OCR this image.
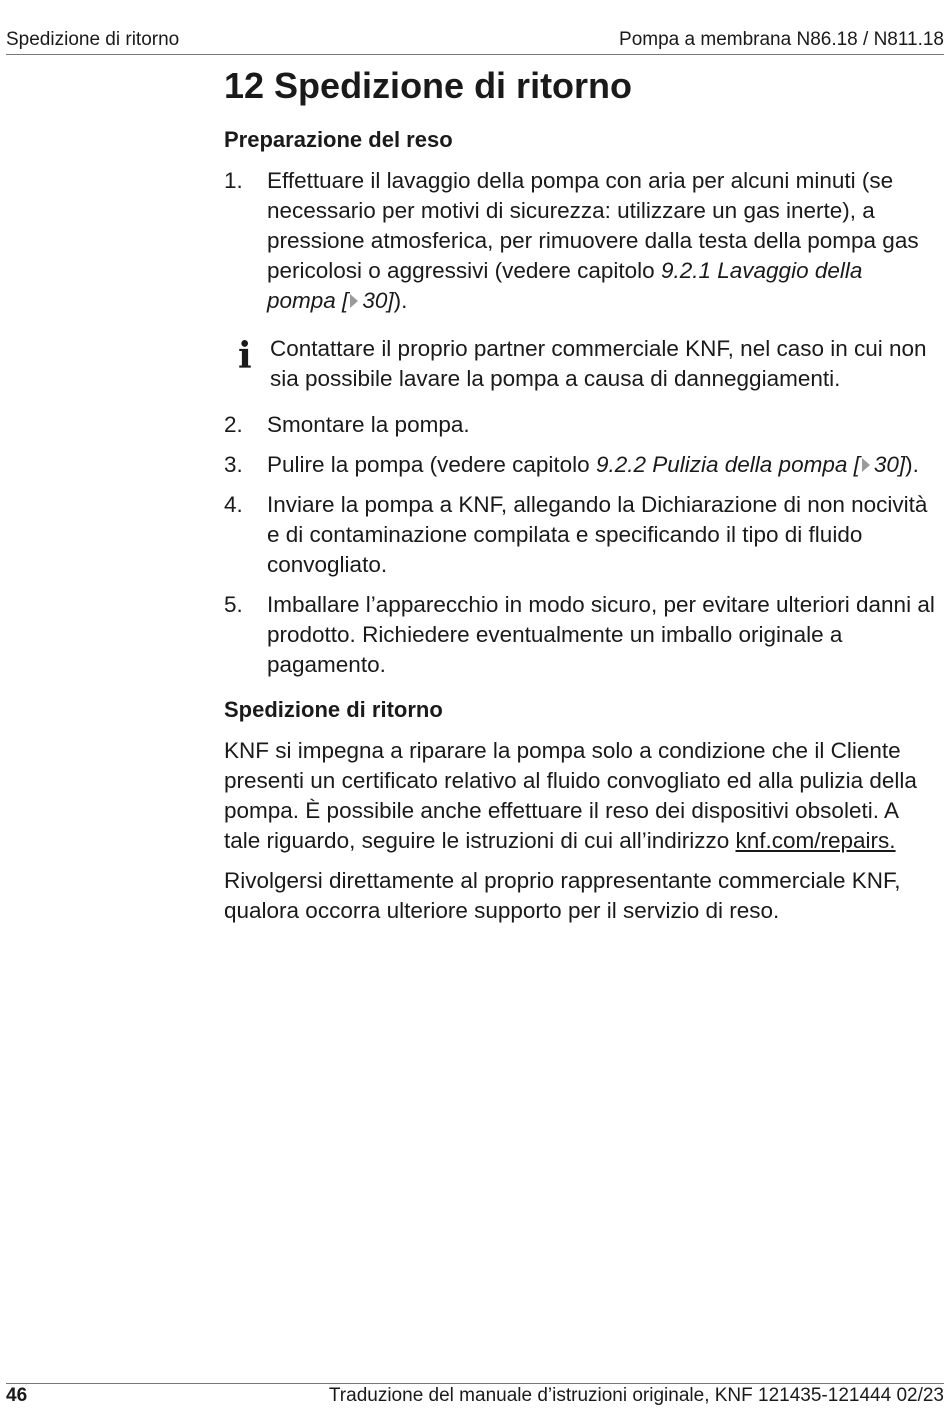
Spedizione di ritorno	Pompa a membrana N86.18 / N811.18
12 Spedizione di ritorno
Preparazione del reso
1. Effettuare il lavaggio della pompa con aria per alcuni minuti (se necessario per motivi di sicurezza: utilizzare un gas inerte), a pressione atmosferica, per rimuovere dalla testa della pompa gas pericolosi o aggressivi (vedere capitolo 9.2.1 Lavaggio della pompa [ 30]).
i Contattare il proprio partner commerciale KNF, nel caso in cui non sia possibile lavare la pompa a causa di danneggiamenti.
2. Smontare la pompa.
3. Pulire la pompa (vedere capitolo 9.2.2 Pulizia della pompa [ 30]).
4. Inviare la pompa a KNF, allegando la Dichiarazione di non nocività e di contaminazione compilata e specificando il tipo di fluido convogliato.
5. Imballare l’apparecchio in modo sicuro, per evitare ulteriori danni al prodotto. Richiedere eventualmente un imballo originale a pagamento.
Spedizione di ritorno

KNF si impegna a riparare la pompa solo a condizione che il Cliente presenti un certificato relativo al fluido convogliato ed alla pulizia della pompa. È possibile anche effettuare il reso dei dispositivi obsoleti. A tale riguardo, seguire le istruzioni di cui all’indirizzo knf.com/repairs.

Rivolgersi direttamente al proprio rappresentante commerciale KNF, qualora occorra ulteriore supporto per il servizio di reso.

46	Traduzione del manuale d’istruzioni originale, KNF 121435-121444 02/23
